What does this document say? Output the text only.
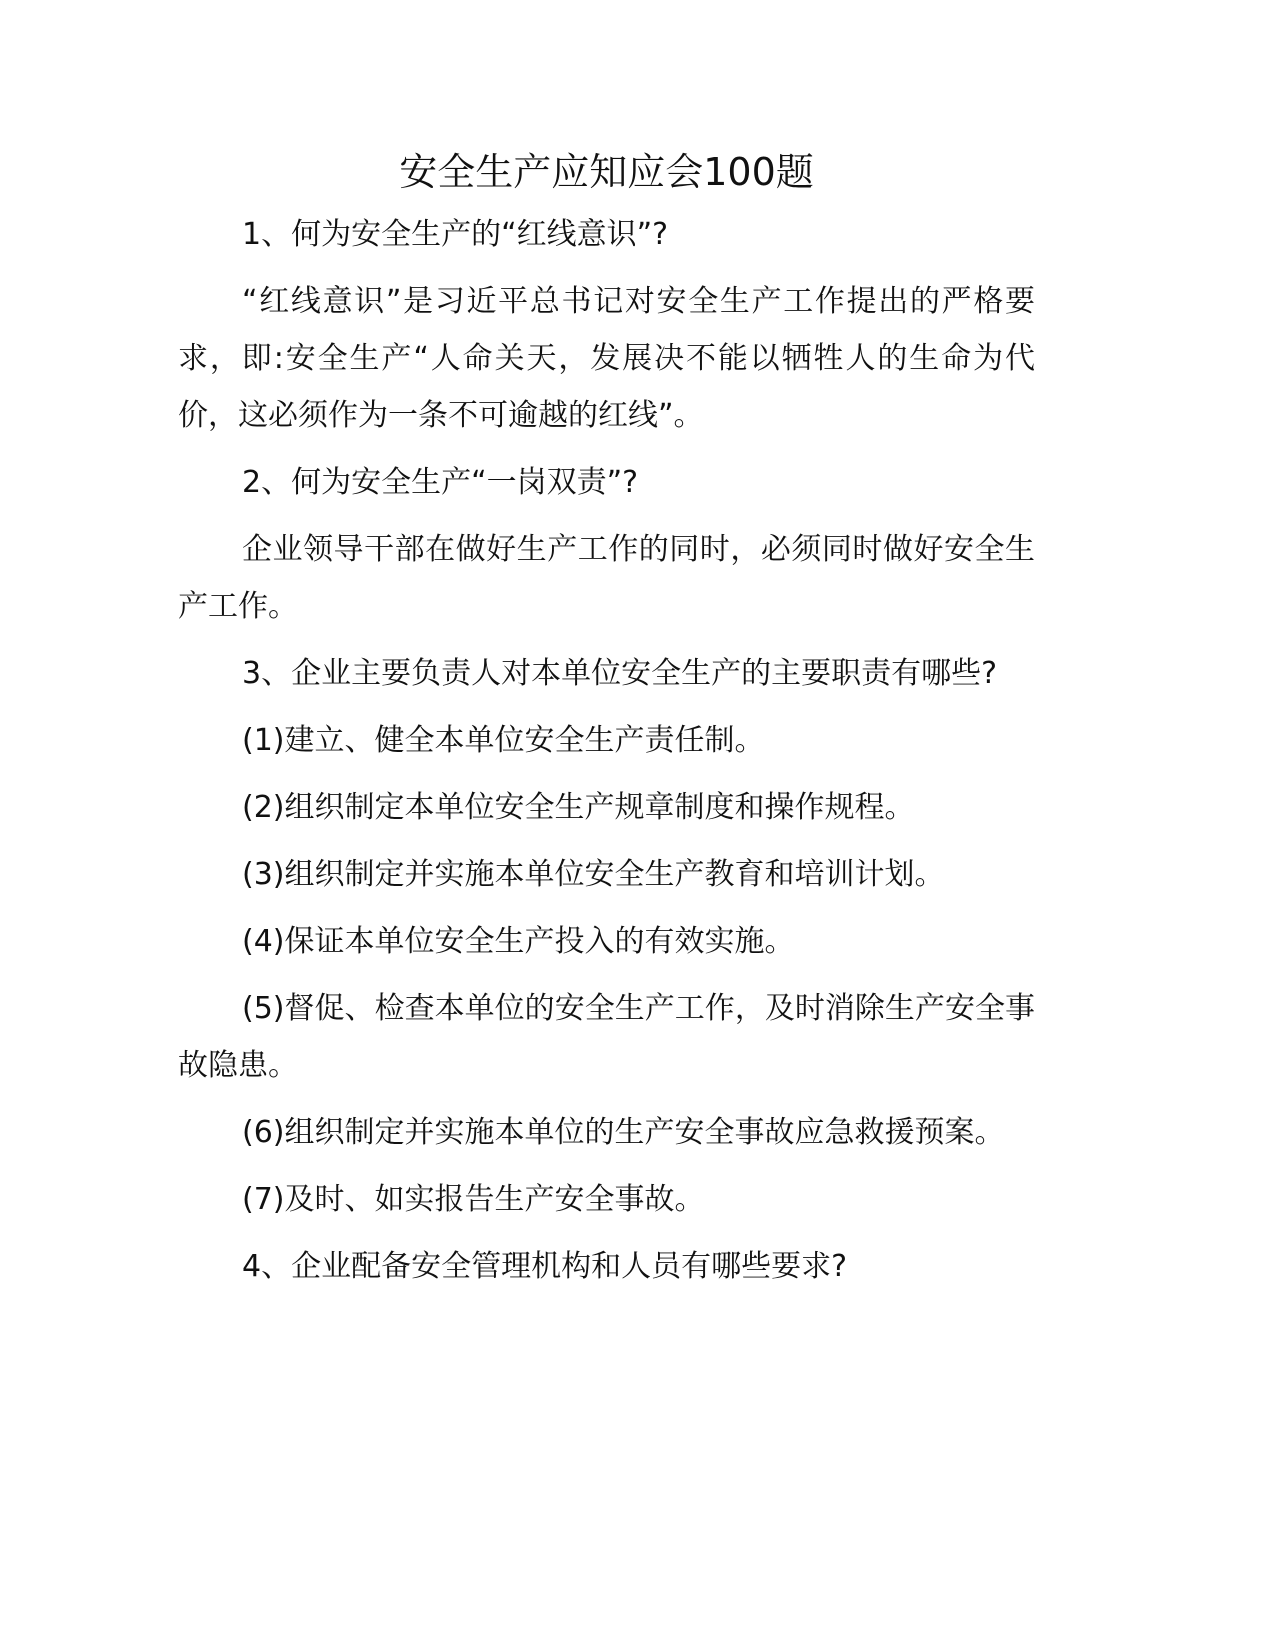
安全生产应知应会100题

1、何为安全生产的“红线意识”?

“红线意识”是习近平总书记对安全生产工作提出的严格要求，即:安全生产“人命关天，发展决不能以牺牲人的生命为代价，这必须作为一条不可逾越的红线”。

2、何为安全生产“一岗双责”?

企业领导干部在做好生产工作的同时，必须同时做好安全生产工作。

3、企业主要负责人对本单位安全生产的主要职责有哪些?

(1)建立、健全本单位安全生产责任制。

(2)组织制定本单位安全生产规章制度和操作规程。

(3)组织制定并实施本单位安全生产教育和培训计划。

(4)保证本单位安全生产投入的有效实施。

(5)督促、检查本单位的安全生产工作，及时消除生产安全事故隐患。

(6)组织制定并实施本单位的生产安全事故应急救援预案。

(7)及时、如实报告生产安全事故。

4、企业配备安全管理机构和人员有哪些要求?
